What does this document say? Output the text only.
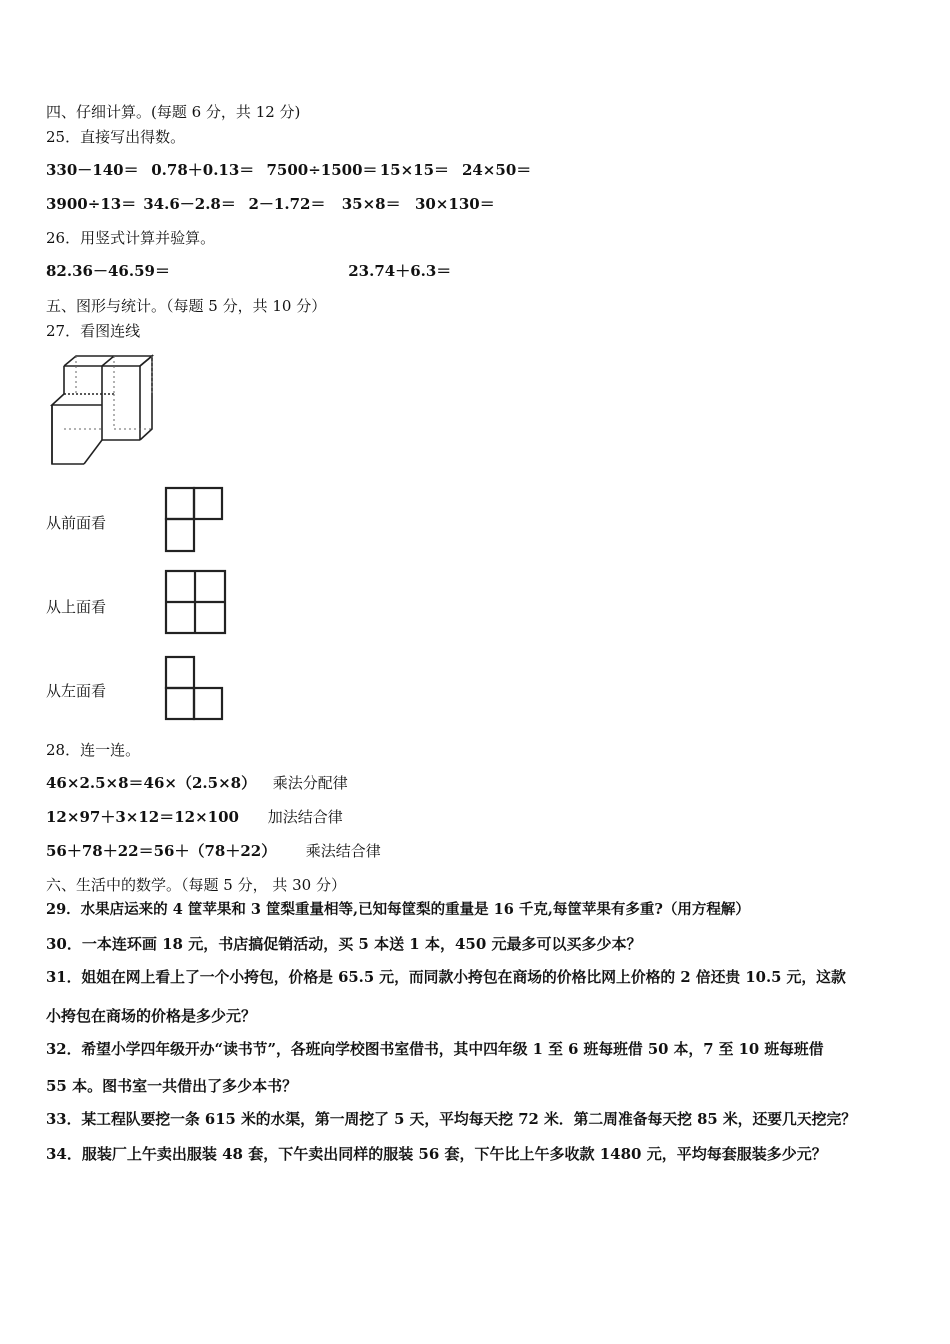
四、仔细计算。(每题 6 分，共 12 分)
25．直接写出得数。
330－140＝ 0.78＋0.13＝ 7500÷1500＝ 15×15＝ 24×50＝
3900÷13＝ 34.6－2.8＝ 2－1.72＝ 35×8＝ 30×130＝
26．用竖式计算并验算。
82.36－46.59＝	23.74＋6.3＝
五、图形与统计。（每题 5 分，共 10 分）
27．看图连线
从前面看
从上面看
从左面看
28．连一连。
46×2.5×8＝46×（2.5×8） 乘法分配律
12×97＋3×12＝12×100 加法结合律
56＋78＋22＝56＋（78＋22） 乘法结合律
六、生活中的数学。（每题 5 分， 共 30 分）
29．水果店运来的 4 筐苹果和 3 筐梨重量相等,已知每筐梨的重量是 16 千克,每筐苹果有多重?（用方程解）
30．一本连环画 18 元，书店搞促销活动，买 5 本送 1 本，450 元最多可以买多少本？
31．姐姐在网上看上了一个小挎包，价格是 65.5 元，而同款小挎包在商场的价格比网上价格的 2 倍还贵 10.5 元，这款
小挎包在商场的价格是多少元？
32．希望小学四年级开办“读书节”，各班向学校图书室借书，其中四年级 1 至 6 班每班借 50 本，7 至 10 班每班借
55 本。图书室一共借出了多少本书？
33．某工程队要挖一条 615 米的水渠，第一周挖了 5 天，平均每天挖 72 米．第二周准备每天挖 85 米，还要几天挖完？
34．服装厂上午卖出服装 48 套，下午卖出同样的服装 56 套，下午比上午多收款 1480 元，平均每套服装多少元？
